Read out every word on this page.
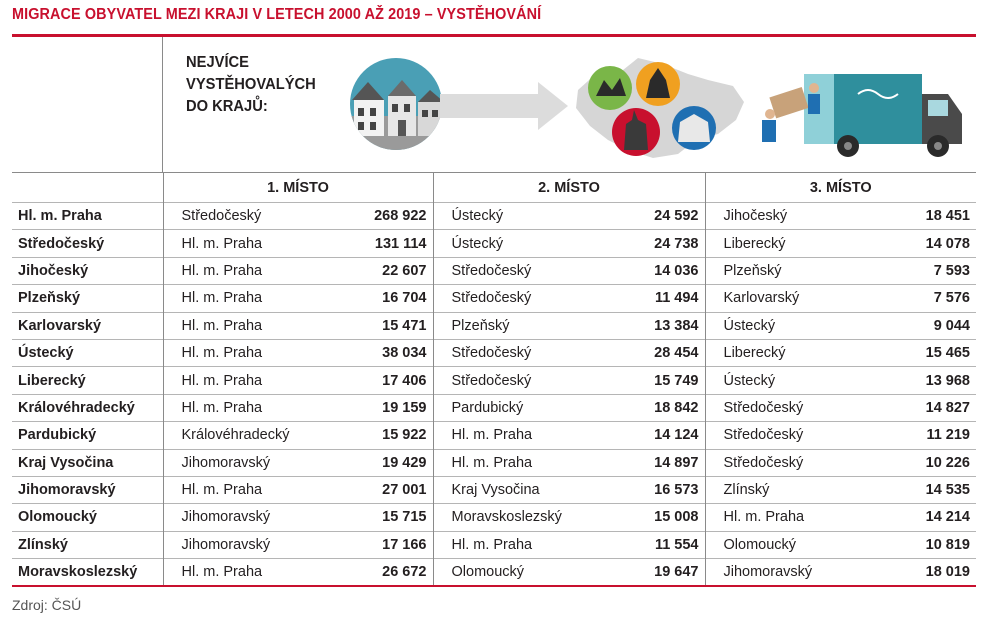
MIGRACE OBYVATEL MEZI KRAJI V LETECH 2000 AŽ 2019 – VYSTĚHOVÁNÍ
NEJVÍCE
VYSTĚHOVALÝCH
DO KRAJŮ:
	1. MÍSTO		2. MÍSTO		3. MÍSTO	
Hl. m. Praha	Středočeský	268 922	Ústecký	24 592	Jihočeský	18 451
Středočeský	Hl. m. Praha	131 114	Ústecký	24 738	Liberecký	14 078
Jihočeský	Hl. m. Praha	22 607	Středočeský	14 036	Plzeňský	7 593
Plzeňský	Hl. m. Praha	16 704	Středočeský	11 494	Karlovarský	7 576
Karlovarský	Hl. m. Praha	15 471	Plzeňský	13 384	Ústecký	9 044
Ústecký	Hl. m. Praha	38 034	Středočeský	28 454	Liberecký	15 465
Liberecký	Hl. m. Praha	17 406	Středočeský	15 749	Ústecký	13 968
Královéhradecký	Hl. m. Praha	19 159	Pardubický	18 842	Středočeský	14 827
Pardubický	Královéhradecký	15 922	Hl. m. Praha	14 124	Středočeský	11 219
Kraj Vysočina	Jihomoravský	19 429	Hl. m. Praha	14 897	Středočeský	10 226
Jihomoravský	Hl. m. Praha	27 001	Kraj Vysočina	16 573	Zlínský	14 535
Olomoucký	Jihomoravský	15 715	Moravskoslezský	15 008	Hl. m. Praha	14 214
Zlínský	Jihomoravský	17 166	Hl. m. Praha	11 554	Olomoucký	10 819
Moravskoslezský	Hl. m. Praha	26 672	Olomoucký	19 647	Jihomoravský	18 019
Zdroj: ČSÚ
